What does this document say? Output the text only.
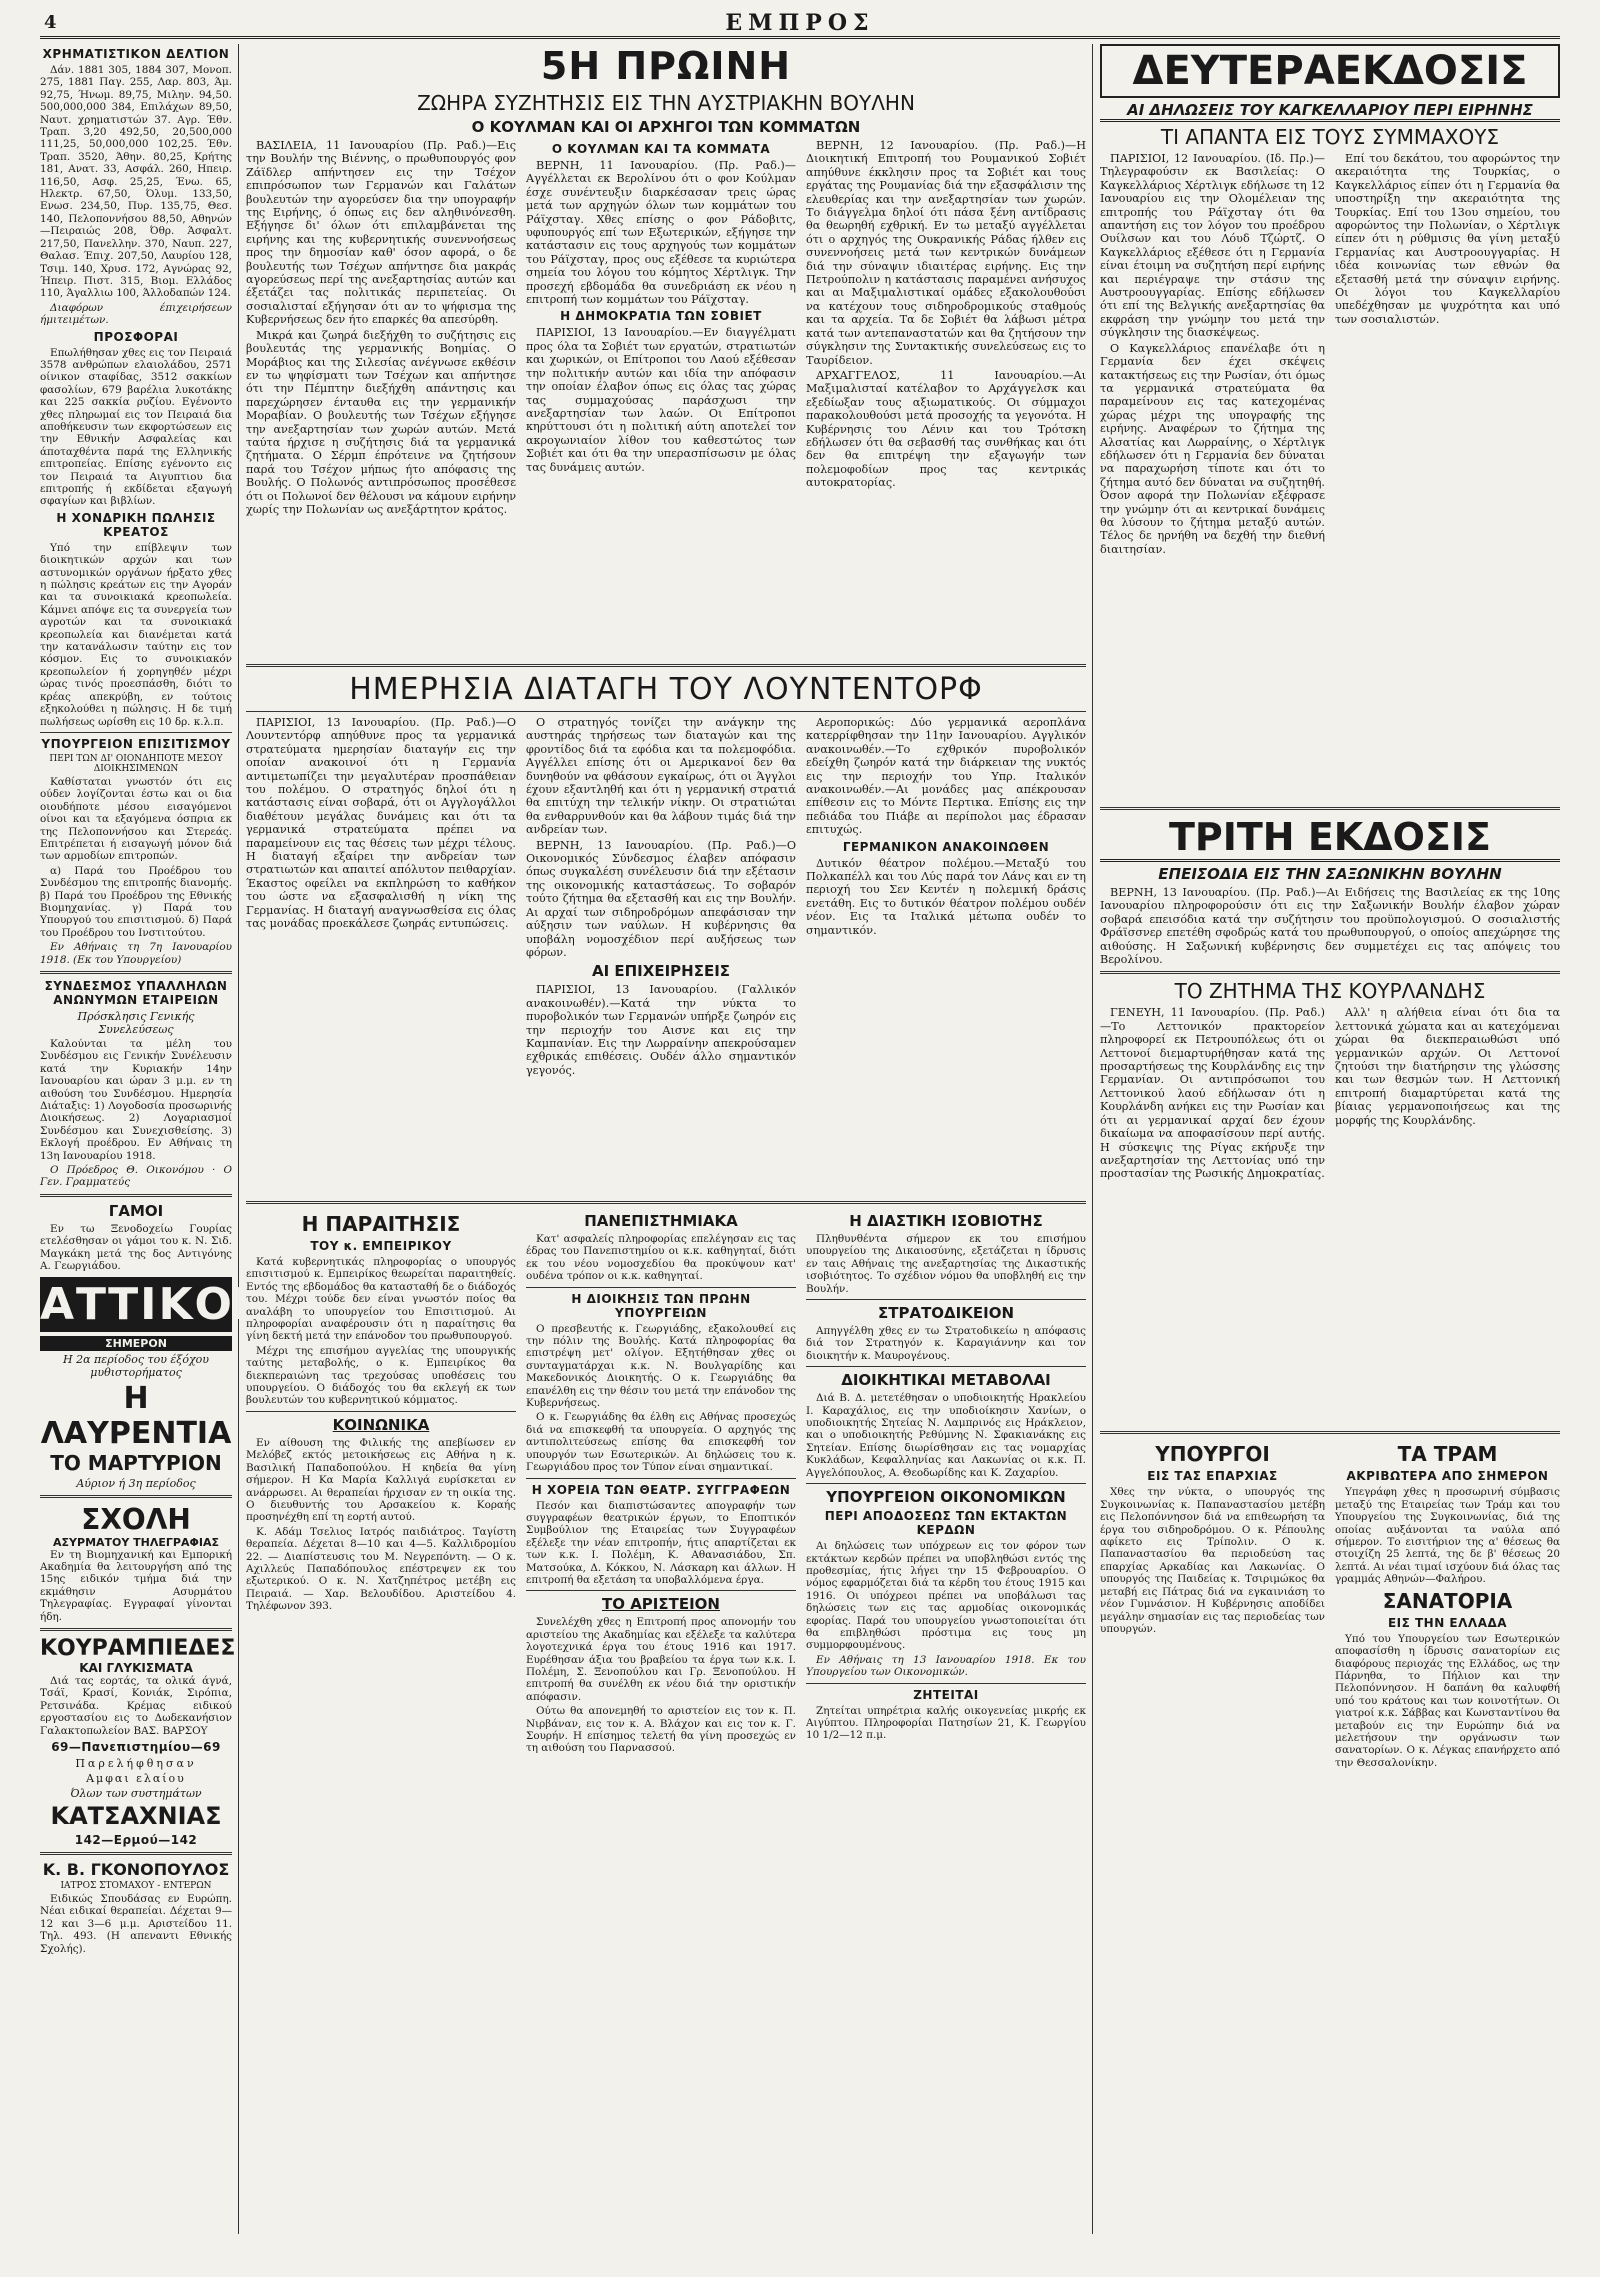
4	ΕΜΠΡΟΣ
ΧΡΗΜΑΤΙΣΤΙΚΟΝ ΔΕΛΤΙΟΝ

Δάν. 1881 305, 1884 307, Μονοπ. 275, 1881 Παγ. 255, Λαρ. 803, Άμ. 92,75, Ήνωμ. 89,75, Μιλην. 94,50. 500,000,000 384, Επιλάχων 89,50, Ναυτ. χρηματιστών 37. Αγρ. Έθν. Τραπ. 3,20 492,50, 20,500,000 111,25, 50,000,000 102,25. Έθν. Τραπ. 3520, Άθην. 80,25, Κρήτης 181, Ανατ. 33, Ασφάλ. 260, Ηπειρ. 116,50, Ασφ. 25,25, Ένω. 65, Ηλεκτρ. 67,50, Όλυμ. 133,50, Ενωσ. 234,50, Πυρ. 135,75, Θεσ. 140, Πελοποννήσου 88,50, Αθηνών—Πειραιώς 208, Όθρ. Άσφαλτ. 217,50, Πανελλην. 370, Ναυπ. 227, Θαλασ. Έπιχ. 207,50, Λαυρίου 128, Τσιμ. 140, Χρυσ. 172, Αγνώρας 92, Ήπειρ. Πιστ. 315, Βιομ. Ελλάδος 110, Άγαλλιω 100, Άλλοδαπών 124.

Διαφόρων έπιχειρήσεων ήμιτειμέτων.

ΠΡΟΣΦΟΡΑΙ

Επωλήθησαν χθες εις τον Πειραιά 3578 ανθρώπων ελαιολάδου, 2571 οίνικον σταφίδας, 3512 σακκίων φασολίων, 679 βαρέλια λυκοτάκης και 225 σακκία ρυζίου. Εγένοντο χθες πληρωμαί εις τον Πειραιά δια αποθήκευσιν των εκφορτώσεων εις την Εθνικήν Ασφαλείας και άποταχθέντα παρά της Ελληνικής επιτροπείας. Επίσης εγένοντο εις τον Πειραιά τα Αιγυπτιου δια επιτροπής ή εκδίδεται εξαγωγή σφαγίων και βιβλίων.

Η ΧΟΝΔΡΙΚΗ ΠΩΛΗΣΙΣ ΚΡΕΑΤΟΣ

Υπό την επίβλεψιν των διοικητικών αρχών και των αστυνομικών οργάνων ήρξατο χθες η πώλησις κρεάτων εις την Αγοράν και τα συνοικιακά κρεοπωλεία. Κάμνει απόψε εις τα συνεργεία των αγροτών και τα συνοικιακά κρεοπωλεία και διανέμεται κατά την κατανάλωσιν ταύτην εις τον κόσμον. Εις το συνοικιακόν κρεοπωλείον ή χορηγηθέν μέχρι ώρας τινός προεσπάσθη, διότι το κρέας απεκρύβη, εν τούτοις εξηκολούθει η πώλησις. Η δε τιμή πωλήσεως ωρίσθη εις 10 δρ. κ.λ.π.

ΥΠΟΥΡΓΕΙΟΝ ΕΠΙΣΙΤΙΣΜΟΥ
ΠΕΡΙ ΤΩΝ ΔΙ' ΟΙΟΝΔΗΠΟΤΕ ΜΕΣΟΥ ΔΙΟΙΚΗΣΙΜΕΝΩΝ

Καθίσταται γνωστόν ότι εις ούδεν λογίζονται έστω και οι δια οιουδήποτε μέσου εισαγόμενοι οίνοι και τα εξαγόμενα όσπρια εκ της Πελοποννήσου και Στερεάς. Επιτρέπεται ή εισαγωγή μόνον διά των αρμοδίων επιτροπών.

α) Παρά του Προέδρου του Συνδέσμου της επιτροπής διανομής. β) Παρά του Προέδρου της Εθνικής Βιομηχανίας. γ) Παρά του Υπουργού του επισιτισμού. δ) Παρά του Προέδρου του Ινστιτούτου.

Εν Αθήναις τη 7η Ιανουαρίου 1918. (Εκ του Υπουργείου)

ΣΥΝΔΕΣΜΟΣ ΥΠΑΛΛΗΛΩΝ ΑΝΩΝΥΜΩΝ ΕΤΑΙΡΕΙΩΝ
Πρόσκλησις Γενικής Συνελεύσεως

Καλούνται τα μέλη του Συνδέσμου εις Γενικήν Συνέλευσιν κατά την Κυριακήν 14ην Ιανουαρίου και ώραν 3 μ.μ. εν τη αιθούση του Συνδέσμου. Ημερησία Διάταξις: 1) Λογοδοσία προσωρινής Διοικήσεως. 2) Λογαριασμοί Συνδέσμου και Συνεχισθείσης. 3) Εκλογή προέδρου. Εν Αθήναις τη 13η Ιανουαρίου 1918.

Ο Πρόεδρος Θ. Οικονόμου · Ο Γεν. Γραμματεύς

ΓΑΜΟΙ

Εν τω Ξενοδοχείω Γουρίας ετελέσθησαν οι γάμοι του κ. Ν. Σιδ. Μαγκάκη μετά της δος Αντιγόνης Α. Γεωργιάδου.

ΑΤΤΙΚΟΝ
ΣΗΜΕΡΟΝ
Η 2α περίοδος του έξόχου μυθιστορήματος
Η ΛΑΥΡΕΝΤΙΑ
ΤΟ ΜΑΡΤΥΡΙΟΝ
Αύριον ή 3η περίοδος
ΣΧΟΛΗ
ΑΣΥΡΜΑΤΟΥ ΤΗΛΕΓΡΑΦΙΑΣ

Εν τη Βιομηχανική και Εμπορική Ακαδημία θα λειτουργήση από της 15ης ειδικόν τμήμα διά την εκμάθησιν Ασυρμάτου Τηλεγραφίας. Εγγραφαί γίνονται ήδη.

ΚΟΥΡΑΜΠΙΕΔΕΣ
ΚΑΙ ΓΛΥΚΙΣΜΑΤΑ

Διά τας εορτάς, τα ολικά άγνά, Τσάϊ, Κρασί, Κονιάκ, Σιρόπια, Ρετσινάδα. Κρέμας ειδικού εργοστασίου εις το Δωδεκανήσιον Γαλακτοπωλείον ΒΑΣ. ΒΑΡΣΟΥ

69—Πανεπιστημίου—69
Παρελήφθησαν
Αμφαι ελαίου
Όλων των συστημάτων
ΚΑΤΣΑΧΝΙΑΣ
142—Ερμού—142
Κ. Β. ΓΚΟΝΟΠΟΥΛΟΣ
ΙΑΤΡΟΣ ΣΤΟΜΑΧΟΥ - ΕΝΤΕΡΩΝ

Ειδικώς Σπουδάσας εν Ευρώπη. Νέαι ειδικαί θεραπείαι. Δέχεται 9—12 και 3—6 μ.μ. Αριστείδου 11. Τηλ. 493. (Η απεναντι Εθνικής Σχολής).

5Η ΠΡΩΙΝΗ
ΖΩΗΡΑ ΣΥΖΗΤΗΣΙΣ ΕΙΣ ΤΗΝ ΑΥΣΤΡΙΑΚΗΝ ΒΟΥΛΗΝ
Ο ΚΟΥΛΜΑΝ ΚΑΙ ΟΙ ΑΡΧΗΓΟΙ ΤΩΝ ΚΟΜΜΑΤΩΝ

ΒΑΣΙΛΕΙΑ, 11 Ιανουαρίου (Πρ. Ραδ.)—Εις την Βουλήν της Βιέννης, ο πρωθυπουργός φον Ζάϊδλερ απήντησεν εις την Τσέχον επιπρόσωπον των Γερμανών και Γαλάτων βουλευτών την αγορεύσεν δια την υπογραφήν της Ειρήνης, ό όπως εις δεν αληθινόνεσθη. Εξήγησε δι' όλων ότι επιλαμβάνεται της ειρήνης και της κυβερνητικής συνεννοήσεως προς την δημοσίαν καθ' όσον αφορά, ο δε βουλευτής των Τσέχων απήντησε δια μακράς αγορεύσεως περί της ανεξαρτησίας αυτών και έξετάζει τας πολιτικάς περιπετείας. Οι σοσιαλισταί εξήγησαν ότι αν το ψήφισμα της Κυβερνήσεως δεν ήτο επαρκές θα απεσύρθη.

Μικρά και ζωηρά διεξήχθη το συζήτησις εις βουλευτάς της γερμανικής Βοημίας. Ο Μοράβιος και της Σιλεσίας ανέγνωσε εκθέσιν εν τω ψηφίσματι των Τσέχων και απήντησε ότι την Πέμπτην διεξήχθη απάντησις και παρεχώρησεν ένταυθα εις την γερμανικήν Μοραβίαν. Ο βουλευτής των Τσέχων εξήγησε την ανεξαρτησίαν των χωρών αυτών. Μετά ταύτα ήρχισε η συζήτησις διά τα γερμανικά ζητήματα. Ο Σέρμπ έπρότεινε να ζητήσουν παρά του Τσέχον μήπως ήτο απόφασις της Βουλής. Ο Πολωνός αντιπρόσωπος προσέθεσε ότι οι Πολωνοί δεν θέλουσι να κάμουν ειρήνην χωρίς την Πολωνίαν ως ανεξάρτητον κράτος.

Ο ΚΟΥΛΜΑΝ ΚΑΙ ΤΑ ΚΟΜΜΑΤΑ

ΒΕΡΝΗ, 11 Ιανουαρίου. (Πρ. Ραδ.)—Αγγέλλεται εκ Βερολίνου ότι ο φον Κούλμαν έσχε συνέντευξιν διαρκέσασαν τρεις ώρας μετά των αρχηγών όλων των κομμάτων του Ράϊχσταγ. Χθες επίσης ο φον Ράδοβιτς, υφυπουργός επί των Εξωτερικών, εξήγησε την κατάστασιν εις τους αρχηγούς των κομμάτων του Ράϊχσταγ, προς ους εξέθεσε τα κυριώτερα σημεία του λόγου του κόμητος Χέρτλιγκ. Την προσεχή εβδομάδα θα συνεδριάση εκ νέου η επιτροπή των κομμάτων του Ράϊχσταγ.

Η ΔΗΜΟΚΡΑΤΙΑ ΤΩΝ ΣΟΒΙΕΤ

ΠΑΡΙΣΙΟΙ, 13 Ιανουαρίου.—Εν διαγγέλματι προς όλα τα Σοβιέτ των εργατών, στρατιωτών και χωρικών, οι Επίτροποι του Λαού εξέθεσαν την πολιτικήν αυτών και ιδία την απόφασιν την οποίαν έλαβον όπως εις όλας τας χώρας τας συμμαχούσας παράσχωσι την ανεξαρτησίαν των λαών. Οι Επίτροποι κηρύττουσι ότι η πολιτική αύτη αποτελεί τον ακρογωνιαίον λίθον του καθεστώτος των Σοβιέτ και ότι θα την υπερασπίσωσιν με όλας τας δυνάμεις αυτών.

ΒΕΡΝΗ, 12 Ιανουαρίου. (Πρ. Ραδ.)—Η Διοικητική Επιτροπή του Ρουμανικού Σοβιέτ απηύθυνε έκκλησιν προς τα Σοβιέτ και τους εργάτας της Ρουμανίας διά την εξασφάλισιν της ελευθερίας και την ανεξαρτησίαν των χωρών. Το διάγγελμα δηλοί ότι πάσα ξένη αντίδρασις θα θεωρηθή εχθρική. Εν τω μεταξύ αγγέλλεται ότι ο αρχηγός της Ουκρανικής Ράδας ήλθεν εις συνεννοήσεις μετά των κεντρικών δυνάμεων διά την σύναψιν ιδιαιτέρας ειρήνης. Εις την Πετρούπολιν η κατάστασις παραμένει ανήσυχος και αι Μαξιμαλιστικαί ομάδες εξακολουθούσι να κατέχουν τους σιδηροδρομικούς σταθμούς και τα αρχεία. Τα δε Σοβιέτ θα λάβωσι μέτρα κατά των αντεπαναστατών και θα ζητήσουν την σύγκλησιν της Συντακτικής συνελεύσεως εις το Ταυρίδειον.

ΑΡΧΑΓΓΕΛΟΣ, 11 Ιανουαρίου.—Αι Μαξιμαλισταί κατέλαβον το Αρχάγγελσκ και εξεδίωξαν τους αξιωματικούς. Οι σύμμαχοι παρακολουθούσι μετά προσοχής τα γεγονότα. Η Κυβέρνησις του Λένιν και του Τρότσκη εδήλωσεν ότι θα σεβασθή τας συνθήκας και ότι δεν θα επιτρέψη την εξαγωγήν των πολεμοφοδίων προς τας κεντρικάς αυτοκρατορίας.

ΗΜΕΡΗΣΙΑ ΔΙΑΤΑΓΗ ΤΟΥ ΛΟΥΝΤΕΝΤΟΡΦ

ΠΑΡΙΣΙΟΙ, 13 Ιανουαρίου. (Πρ. Ραδ.)—Ο Λουντεντόρφ απηύθυνε προς τα γερμανικά στρατεύματα ημερησίαν διαταγήν εις την οποίαν ανακοινοί ότι η Γερμανία αντιμετωπίζει την μεγαλυτέραν προσπάθειαν του πολέμου. Ο στρατηγός δηλοί ότι η κατάστασις είναι σοβαρά, ότι οι Αγγλογάλλοι διαθέτουν μεγάλας δυνάμεις και ότι τα γερμανικά στρατεύματα πρέπει να παραμείνουν εις τας θέσεις των μέχρι τέλους. Η διαταγή εξαίρει την ανδρείαν των στρατιωτών και απαιτεί απόλυτον πειθαρχίαν. Έκαστος οφείλει να εκπληρώση το καθήκον του ώστε να εξασφαλισθή η νίκη της Γερμανίας. Η διαταγή αναγνωσθείσα εις όλας τας μονάδας προεκάλεσε ζωηράς εντυπώσεις.

Ο στρατηγός τονίζει την ανάγκην της αυστηράς τηρήσεως των διαταγών και της φροντίδος διά τα εφόδια και τα πολεμοφόδια. Αγγέλλει επίσης ότι οι Αμερικανοί δεν θα δυνηθούν να φθάσουν εγκαίρως, ότι οι Άγγλοι έχουν εξαντληθή και ότι η γερμανική στρατιά θα επιτύχη την τελικήν νίκην. Οι στρατιώται θα ενθαρρυνθούν και θα λάβουν τιμάς διά την ανδρείαν των.

ΒΕΡΝΗ, 13 Ιανουαρίου. (Πρ. Ραδ.)—Ο Οικονομικός Σύνδεσμος έλαβεν απόφασιν όπως συγκαλέση συνέλευσιν διά την εξέτασιν της οικονομικής καταστάσεως. Το σοβαρόν τούτο ζήτημα θα εξετασθή και εις την Βουλήν. Αι αρχαί των σιδηροδρόμων απεφάσισαν την αύξησιν των ναύλων. Η κυβέρνησις θα υποβάλη νομοσχέδιον περί αυξήσεως των φόρων.

ΑΙ ΕΠΙΧΕΙΡΗΣΕΙΣ

ΠΑΡΙΣΙΟΙ, 13 Ιανουαρίου. (Γαλλικόν ανακοινωθέν).—Κατά την νύκτα το πυροβολικόν των Γερμανών υπήρξε ζωηρόν εις την περιοχήν του Αισνε και εις την Καμπανίαν. Εις την Λωρραίνην απεκρούσαμεν εχθρικάς επιθέσεις. Ουδέν άλλο σημαντικόν γεγονός.

Αεροπορικώς: Δύο γερμανικά αεροπλάνα κατερρίφθησαν την 11ην Ιανουαρίου. Αγγλικόν ανακοινωθέν.—Το εχθρικόν πυροβολικόν εδείχθη ζωηρόν κατά την διάρκειαν της νυκτός εις την περιοχήν του Υπρ. Ιταλικόν ανακοινωθέν.—Αι μονάδες μας απέκρουσαν επίθεσιν εις το Μόντε Περτικα. Επίσης εις την πεδιάδα του Πιάβε αι περίπολοι μας έδρασαν επιτυχώς.

ΓΕΡΜΑΝΙΚΟΝ ΑΝΑΚΟΙΝΩΘΕΝ

Δυτικόν θέατρον πολέμου.—Μεταξύ του Πολκαπέλλ και του Λύς παρά τον Λάνς και εν τη περιοχή του Σεν Κεντέν η πολεμική δράσις ενετάθη. Εις το δυτικόν θέατρον πολέμου ουδέν νέον. Εις τα Ιταλικά μέτωπα ουδέν το σημαντικόν.

Η ΠΑΡΑΙΤΗΣΙΣ
ΤΟΥ κ. ΕΜΠΕΙΡΙΚΟΥ

Κατά κυβερνητικάς πληροφορίας ο υπουργός επισιτισμού κ. Εμπειρίκος θεωρείται παραιτηθείς. Εντός της εβδομάδος θα κατασταθή δε ο διάδοχός του. Μέχρι τούδε δεν είναι γνωστόν ποίος θα αναλάβη το υπουργείον του Επισιτισμού. Αι πληροφορίαι αναφέρουσιν ότι η παραίτησις θα γίνη δεκτή μετά την επάνοδον του πρωθυπουργού.

Μέχρι της επισήμου αγγελίας της υπουργικής ταύτης μεταβολής, ο κ. Εμπειρίκος θα διεκπεραιώνη τας τρεχούσας υποθέσεις του υπουργείου. Ο διάδοχός του θα εκλεγή εκ των βουλευτών του κυβερνητικού κόμματος.

ΚΟΙΝΩΝΙΚΑ

Εν αίθουση της Φιλικής της απεβίωσεν εν Μελόβεζ εκτός μετοικήσεως εις Αθήνα η κ. Βασιλική Παπαδοπούλου. Η κηδεία θα γίνη σήμερον. Η Κα Μαρία Καλλιγά ευρίσκεται εν ανάρρωσει. Αι θεραπείαι ήρχισαν εν τη οικία της. Ο διευθυντής του Αρσακείου κ. Κοραής προσηνέχθη επί τη εορτή αυτού.

Κ. Αδάμ Τσελιος Ιατρός παιδιάτρος. Ταγίστη θεραπεία. Δέχεται 8—10 και 4—5. Καλλιδρομίου 22. — Διαπίστευσις του Μ. Νεγρεπόντη. — Ο κ. Αχιλλεύς Παπαδόπουλος επέστρεψεν εκ του εξωτερικού. Ο κ. Ν. Χατζηπέτρος μετέβη εις Πειραιά. — Χαρ. Βελουδίδου. Αριστείδου 4. Τηλέφωνον 393.

ΠΑΝΕΠΙΣΤΗΜΙΑΚΑ

Κατ' ασφαλείς πληροφορίας επελέγησαν εις τας έδρας του Πανεπιστημίου οι κ.κ. καθηγηταί, διότι εκ του νέου νομοσχεδίου θα προκύψουν κατ' ουδένα τρόπον οι κ.κ. καθηγηταί.

Η ΔΙΟΙΚΗΣΙΣ ΤΩΝ ΠΡΩΗΝ ΥΠΟΥΡΓΕΙΩΝ

Ο πρεσβευτής κ. Γεωργιάδης, εξακολουθεί εις την πόλιν της Βουλής. Κατά πληροφορίας θα επιστρέψη μετ' ολίγον. Εξητήθησαν χθες οι συνταγματάρχαι κ.κ. Ν. Βουλγαρίδης και Μακεδονικός Διοικητής. Ο κ. Γεωργιάδης θα επανέλθη εις την θέσιν του μετά την επάνοδον της Κυβερνήσεως.

Ο κ. Γεωργιάδης θα έλθη εις Αθήνας προσεχώς διά να επισκεφθή τα υπουργεία. Ο αρχηγός της αντιπολιτεύσεως επίσης θα επισκεφθή τον υπουργόν των Εσωτερικών. Αι δηλώσεις του κ. Γεωργιάδου προς τον Τύπον είναι σημαντικαί.

Η ΧΟΡΕΙΑ ΤΩΝ ΘΕΑΤΡ. ΣΥΓΓΡΑΦΕΩΝ

Πεσόν και διαπιστώσαντες απογραφήν των συγγραφέων θεατρικών έργων, το Εποπτικόν Συμβούλιον της Εταιρείας των Συγγραφέων εξέλεξε την νέαν επιτροπήν, ήτις απαρτίζεται εκ των κ.κ. Ι. Πολέμη, Κ. Αθανασιάδου, Σπ. Ματσούκα, Δ. Κόκκου, Ν. Λάσκαρη και άλλων. Η επιτροπή θα εξετάση τα υποβαλλόμενα έργα.

ΤΟ ΑΡΙΣΤΕΙΟΝ

Συνελέχθη χθες η Επιτροπή προς απονομήν του αριστείου της Ακαδημίας και εξέλεξε τα καλύτερα λογοτεχνικά έργα του έτους 1916 και 1917. Ευρέθησαν άξια του βραβείου τα έργα των κ.κ. Ι. Πολέμη, Σ. Ξενοπούλου και Γρ. Ξενοπούλου. Η επιτροπή θα συνέλθη εκ νέου διά την οριστικήν απόφασιν.

Ούτω θα απονεμηθή το αριστείον εις τον κ. Π. Νιρβάναν, εις τον κ. Α. Βλάχον και εις τον κ. Γ. Σουρήν. Η επίσημος τελετή θα γίνη προσεχώς εν τη αιθούση του Παρνασσού.

Η ΔΙΑΣΤΙΚΗ ΙΣΟΒΙΟΤΗΣ

Πληθυνθέντα σήμερον εκ του επισήμου υπουργείου της Δικαιοσύνης, εξετάζεται η ίδρυσις εν ταις Αθήναις της ανεξαρτησίας της Δικαστικής ισοβιότητος. Το σχέδιον νόμου θα υποβληθή εις την Βουλήν.

ΣΤΡΑΤΟΔΙΚΕΙΟΝ

Απηγγέλθη χθες εν τω Στρατοδικείω η απόφασις διά τον Στρατηγόν κ. Καραγιάννην και τον διοικητήν κ. Μαυρογένους.

ΔΙΟΙΚΗΤΙΚΑΙ ΜΕΤΑΒΟΛΑΙ

Διά Β. Δ. μετετέθησαν ο υποδιοικητής Ηρακλείου Ι. Καραχάλιος, εις την υποδιοίκησιν Χανίων, ο υποδιοικητής Σητείας Ν. Λαμπρινός εις Ηράκλειον, και ο υποδιοικητής Ρεθύμνης Ν. Σφακιανάκης εις Σητείαν. Επίσης διωρίσθησαν εις τας νομαρχίας Κυκλάδων, Κεφαλληνίας και Λακωνίας οι κ.κ. Π. Αγγελόπουλος, Α. Θεοδωρίδης και Κ. Ζαχαρίου.

ΥΠΟΥΡΓΕΙΟΝ ΟΙΚΟΝΟΜΙΚΩΝ
ΠΕΡΙ ΑΠΟΔΟΣΕΩΣ ΤΩΝ ΕΚΤΑΚΤΩΝ ΚΕΡΔΩΝ

Αι δηλώσεις των υπόχρεων εις τον φόρον των εκτάκτων κερδών πρέπει να υποβληθώσι εντός της προθεσμίας, ήτις λήγει την 15 Φεβρουαρίου. Ο νόμος εφαρμόζεται διά τα κέρδη του έτους 1915 και 1916. Οι υπόχρεοι πρέπει να υποβάλωσι τας δηλώσεις των εις τας αρμοδίας οικονομικάς εφορίας. Παρά του υπουργείου γνωστοποιείται ότι θα επιβληθώσι πρόστιμα εις τους μη συμμορφουμένους.

Εν Αθήναις τη 13 Ιανουαρίου 1918. Εκ του Υπουργείου των Οικονομικών.

ΖΗΤΕΙΤΑΙ

Ζητείται υπηρέτρια καλής οικογενείας μικρής εκ Αιγύπτου. Πληροφορίαι Πατησίων 21, Κ. Γεωργίου 10 1/2—12 π.μ.

ΔΕΥΤΕΡΑΕΚΔΟΣΙΣ
ΑΙ ΔΗΛΩΣΕΙΣ ΤΟΥ ΚΑΓΚΕΛΛΑΡΙΟΥ ΠΕΡΙ ΕΙΡΗΝΗΣ
ΤΙ ΑΠΑΝΤΑ ΕΙΣ ΤΟΥΣ ΣΥΜΜΑΧΟΥΣ

ΠΑΡΙΣΙΟΙ, 12 Ιανουαρίου. (Ιδ. Πρ.)—Τηλεγραφούσιν εκ Βασιλείας: Ο Καγκελλάριος Χέρτλιγκ εδήλωσε τη 12 Ιανουαρίου εις την Ολομέλειαν της επιτροπής του Ράϊχσταγ ότι θα απαντήση εις τον λόγον του προέδρου Ουίλσων και του Λόυδ Τζώρτζ. Ο Καγκελλάριος εξέθεσε ότι η Γερμανία είναι έτοιμη να συζητήση περί ειρήνης και περιέγραψε την στάσιν της Αυστροουγγαρίας. Επίσης εδήλωσεν ότι επί της Βελγικής ανεξαρτησίας θα εκφράση την γνώμην του μετά την σύγκλησιν της διασκέψεως.

Ο Καγκελλάριος επανέλαβε ότι η Γερμανία δεν έχει σκέψεις κατακτήσεως εις την Ρωσίαν, ότι όμως τα γερμανικά στρατεύματα θα παραμείνουν εις τας κατεχομένας χώρας μέχρι της υπογραφής της ειρήνης. Αναφέρων το ζήτημα της Αλσατίας και Λωρραίνης, ο Χέρτλιγκ εδήλωσεν ότι η Γερμανία δεν δύναται να παραχωρήση τίποτε και ότι το ζήτημα αυτό δεν δύναται να συζητηθή. Όσον αφορά την Πολωνίαν εξέφρασε την γνώμην ότι αι κεντρικαί δυνάμεις θα λύσουν το ζήτημα μεταξύ αυτών. Τέλος δε ηρνήθη να δεχθή την διεθνή διαιτησίαν.

Επί του δεκάτου, του αφορώντος την ακεραιότητα της Τουρκίας, ο Καγκελλάριος είπεν ότι η Γερμανία θα υποστηρίξη την ακεραιότητα της Τουρκίας. Επί του 13ου σημείου, του αφορώντος την Πολωνίαν, ο Χέρτλιγκ είπεν ότι η ρύθμισις θα γίνη μεταξύ Γερμανίας και Αυστροουγγαρίας. Η ιδέα κοινωνίας των εθνών θα εξετασθή μετά την σύναψιν ειρήνης. Οι λόγοι του Καγκελλαρίου υπεδέχθησαν με ψυχρότητα και υπό των σοσιαλιστών.

ΤΡΙΤΗ ΕΚΔΟΣΙΣ
ΕΠΕΙΣΟΔΙΑ ΕΙΣ ΤΗΝ ΣΑΞΩΝΙΚΗΝ ΒΟΥΛΗΝ

ΒΕΡΝΗ, 13 Ιανουαρίου. (Πρ. Ραδ.)—Αι Ειδήσεις της Βασιλείας εκ της 10ης Ιανουαρίου πληροφορούσιν ότι εις την Σαξωνικήν Βουλήν έλαβον χώραν σοβαρά επεισόδια κατά την συζήτησιν του προϋπολογισμού. Ο σοσιαλιστής Φράϊσσνερ επετέθη σφοδρώς κατά του πρωθυπουργού, ο οποίος απεχώρησε της αιθούσης. Η Σαξωνική κυβέρνησις δεν συμμετέχει εις τας απόψεις του Βερολίνου.

ΤΟ ΖΗΤΗΜΑ ΤΗΣ ΚΟΥΡΛΑΝΔΗΣ

ΓΕΝΕΥΗ, 11 Ιανουαρίου. (Πρ. Ραδ.)—Το Λεττονικόν πρακτορείον πληροφορεί εκ Πετρουπόλεως ότι οι Λεττονοί διεμαρτυρήθησαν κατά της προσαρτήσεως της Κουρλάνδης εις την Γερμανίαν. Οι αντιπρόσωποι του Λεττονικού λαού εδήλωσαν ότι η Κουρλάνδη ανήκει εις την Ρωσίαν και ότι αι γερμανικαί αρχαί δεν έχουν δικαίωμα να αποφασίσουν περί αυτής. Η σύσκεψις της Ρίγας εκήρυξε την ανεξαρτησίαν της Λεττονίας υπό την προστασίαν της Ρωσικής Δημοκρατίας.

Αλλ' η αλήθεια είναι ότι δια τα λεττονικά χώματα και αι κατεχόμεναι χώραι θα διεκπεραιωθώσι υπό γερμανικών αρχών. Οι Λεττονοί ζητούσι την διατήρησιν της γλώσσης και των θεσμών των. Η Λεττονική επιτροπή διαμαρτύρεται κατά της βίαιας γερμανοποιήσεως και της μορφής της Κουρλάνδης.

ΥΠΟΥΡΓΟΙ
ΕΙΣ ΤΑΣ ΕΠΑΡΧΙΑΣ

Χθες την νύκτα, ο υπουργός της Συγκοινωνίας κ. Παπαναστασίου μετέβη εις Πελοπόννησον διά να επιθεωρήση τα έργα του σιδηροδρόμου. Ο κ. Ρέπουλης αφίκετο εις Τρίπολιν. Ο κ. Παπαναστασίου θα περιοδεύση τας επαρχίας Αρκαδίας και Λακωνίας. Ο υπουργός της Παιδείας κ. Τσιριμώκος θα μεταβή εις Πάτρας διά να εγκαινιάση το νέον Γυμνάσιον. Η Κυβέρνησις αποδίδει μεγάλην σημασίαν εις τας περιοδείας των υπουργών.

ΤΑ ΤΡΑΜ
ΑΚΡΙΒΩΤΕΡΑ ΑΠΟ ΣΗΜΕΡΟΝ

Υπεγράφη χθες η προσωρινή σύμβασις μεταξύ της Εταιρείας των Τράμ και του Υπουργείου της Συγκοινωνίας, διά της οποίας αυξάνονται τα ναύλα από σήμερον. Το εισιτήριον της α' θέσεως θα στοιχίζη 25 λεπτά, της δε β' θέσεως 20 λεπτά. Αι νέαι τιμαί ισχύουν διά όλας τας γραμμάς Αθηνών—Φαλήρου.

ΣΑΝΑΤΟΡΙΑ
ΕΙΣ ΤΗΝ ΕΛΛΑΔΑ

Υπό του Υπουργείου των Εσωτερικών αποφασίσθη η ίδρυσις σανατορίων εις διαφόρους περιοχάς της Ελλάδος, ως την Πάρνηθα, το Πήλιον και την Πελοπόννησον. Η δαπάνη θα καλυφθή υπό του κράτους και των κοινοτήτων. Οι γιατροί κ.κ. Σάββας και Κωνσταντίνου θα μεταβούν εις την Ευρώπην διά να μελετήσουν την οργάνωσιν των σανατορίων. Ο κ. Λέγκας επανήρχετο από την Θεσσαλονίκην.
